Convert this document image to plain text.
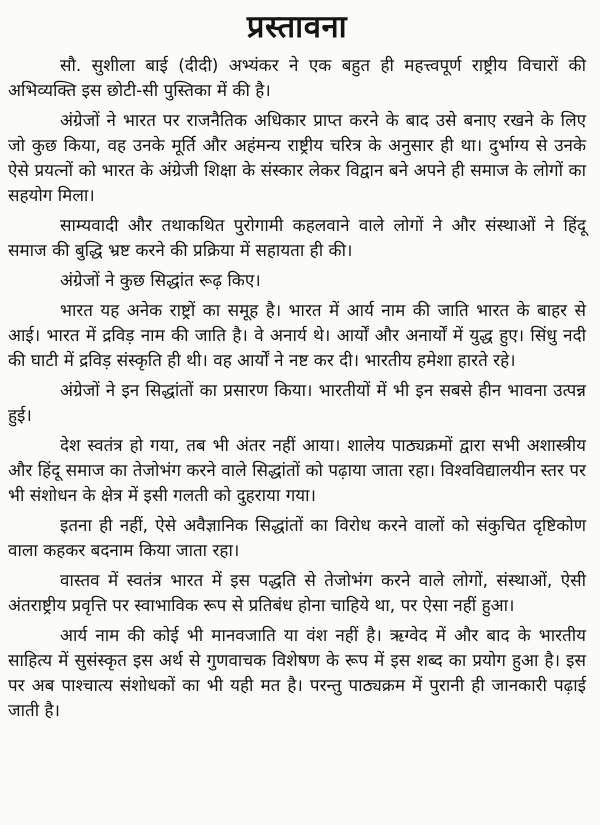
प्रस्तावना

सौ. सुशीला बाई (दीदी) अभ्यंकर ने एक बहुत ही महत्त्वपूर्ण राष्ट्रीय विचारों की अभिव्यक्ति इस छोटी-सी पुस्तिका में की है।

अंग्रेजों ने भारत पर राजनैतिक अधिकार प्राप्त करने के बाद उसे बनाए रखने के लिए जो कुछ किया, वह उनके मूर्ति और अहंमन्य राष्ट्रीय चरित्र के अनुसार ही था। दुर्भाग्य से उनके ऐसे प्रयत्नों को भारत के अंग्रेजी शिक्षा के संस्कार लेकर विद्वान बने अपने ही समाज के लोगों का सहयोग मिला।

साम्यवादी और तथाकथित पुरोगामी कहलवाने वाले लोगों ने और संस्थाओं ने हिंदू समाज की बुद्धि भ्रष्ट करने की प्रक्रिया में सहायता ही की।

अंग्रेजों ने कुछ सिद्धांत रूढ़ किए।

भारत यह अनेक राष्ट्रों का समूह है। भारत में आर्य नाम की जाति भारत के बाहर से आई। भारत में द्रविड़ नाम की जाति है। वे अनार्य थे। आर्यों और अनार्यों में युद्ध हुए। सिंधु नदी की घाटी में द्रविड़ संस्कृति ही थी। वह आर्यों ने नष्ट कर दी। भारतीय हमेशा हारते रहे।

अंग्रेजों ने इन सिद्धांतों का प्रसारण किया। भारतीयों में भी इन सबसे हीन भावना उत्पन्न हुई।

देश स्वतंत्र हो गया, तब भी अंतर नहीं आया। शालेय पाठ्यक्रमों द्वारा सभी अशास्त्रीय और हिंदू समाज का तेजोभंग करने वाले सिद्धांतों को पढ़ाया जाता रहा। विश्वविद्यालयीन स्तर पर भी संशोधन के क्षेत्र में इसी गलती को दुहराया गया।

इतना ही नहीं, ऐसे अवैज्ञानिक सिद्धांतों का विरोध करने वालों को संकुचित दृष्टिकोण वाला कहकर बदनाम किया जाता रहा।

वास्तव में स्वतंत्र भारत में इस पद्धति से तेजोभंग करने वाले लोगों, संस्थाओं, ऐसी अंतराष्ट्रीय प्रवृत्ति पर स्वाभाविक रूप से प्रतिबंध होना चाहिये था, पर ऐसा नहीं हुआ।

आर्य नाम की कोई भी मानवजाति या वंश नहीं है। ऋग्वेद में और बाद के भारतीय साहित्य में सुसंस्कृत इस अर्थ से गुणवाचक विशेषण के रूप में इस शब्द का प्रयोग हुआ है। इस पर अब पाश्चात्य संशोधकों का भी यही मत है। परन्तु पाठ्यक्रम में पुरानी ही जानकारी पढ़ाई जाती है।
